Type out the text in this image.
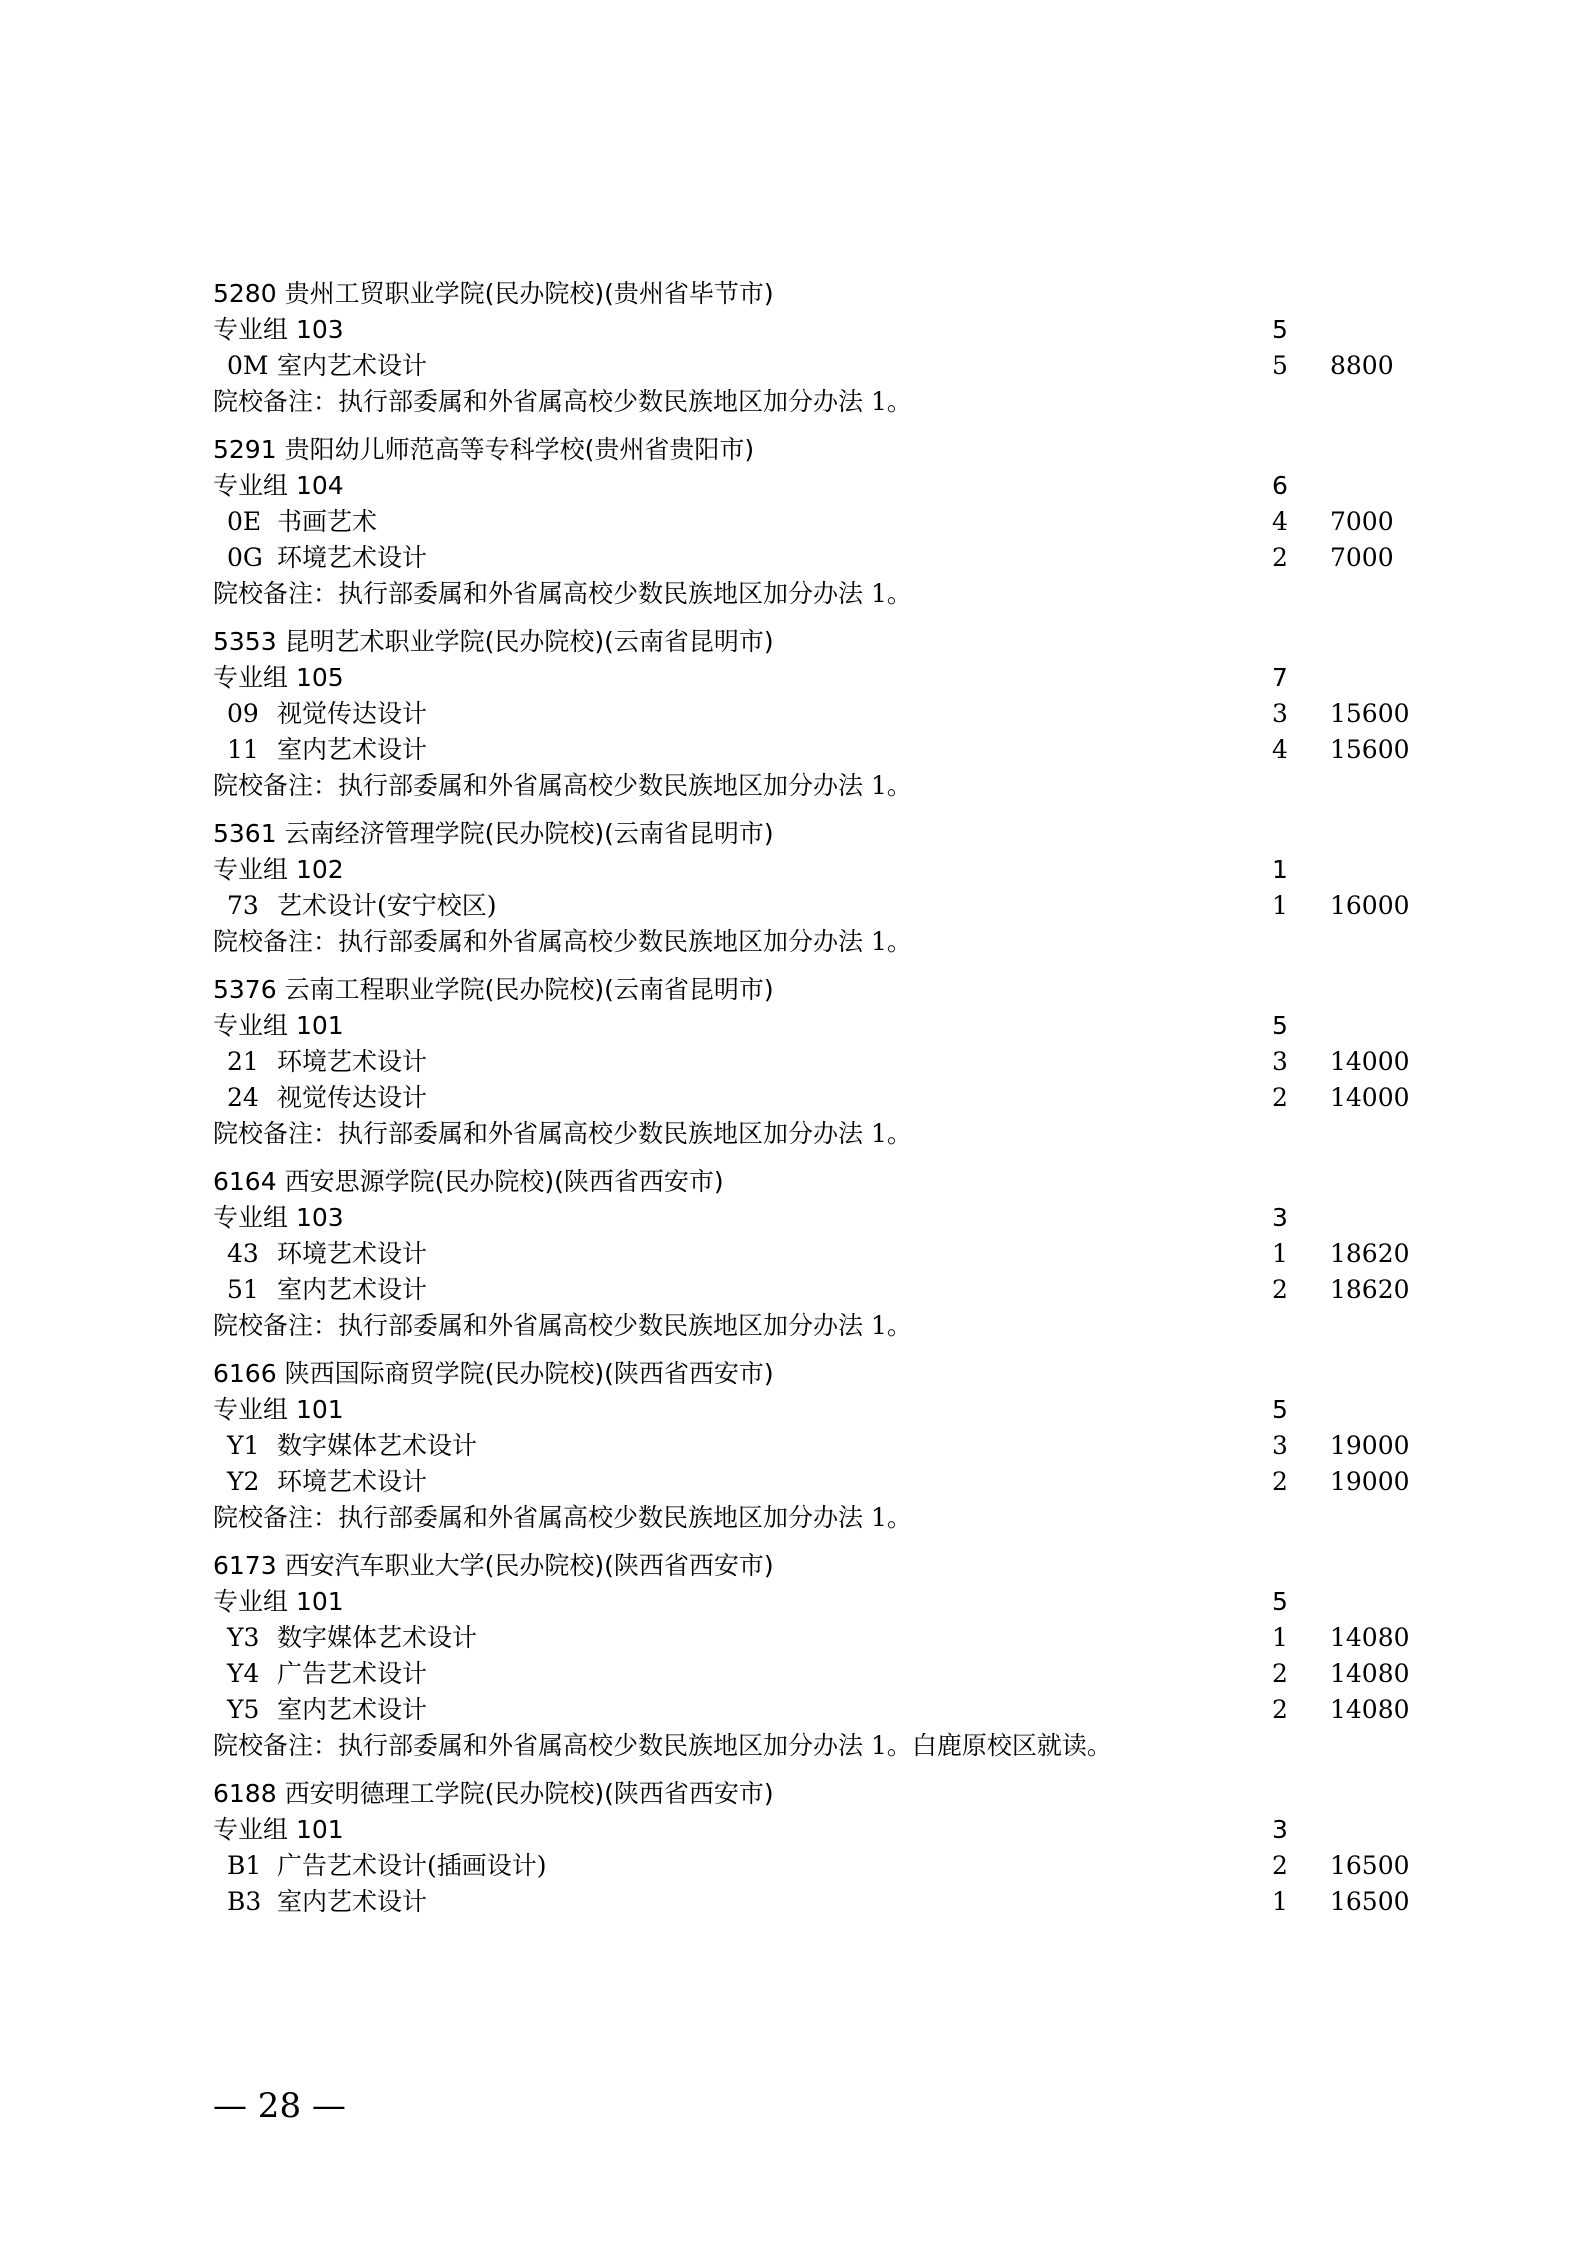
5280 贵州工贸职业学院(民办院校)(贵州省毕节市)
专业组 103	5
0M 室内艺术设计	5 8800
院校备注：执行部委属和外省属高校少数民族地区加分办法 1。
5291 贵阳幼儿师范高等专科学校(贵州省贵阳市)
专业组 104	6
0E 书画艺术	4 7000
0G 环境艺术设计	2 7000
院校备注：执行部委属和外省属高校少数民族地区加分办法 1。
5353 昆明艺术职业学院(民办院校)(云南省昆明市)
专业组 105	7
09 视觉传达设计	3 15600
11 室内艺术设计	4 15600
院校备注：执行部委属和外省属高校少数民族地区加分办法 1。
5361 云南经济管理学院(民办院校)(云南省昆明市)
专业组 102	1
73 艺术设计(安宁校区)	1 16000
院校备注：执行部委属和外省属高校少数民族地区加分办法 1。
5376 云南工程职业学院(民办院校)(云南省昆明市)
专业组 101	5
21 环境艺术设计	3 14000
24 视觉传达设计	2 14000
院校备注：执行部委属和外省属高校少数民族地区加分办法 1。
6164 西安思源学院(民办院校)(陕西省西安市)
专业组 103	3
43 环境艺术设计	1 18620
51 室内艺术设计	2 18620
院校备注：执行部委属和外省属高校少数民族地区加分办法 1。
6166 陕西国际商贸学院(民办院校)(陕西省西安市)
专业组 101	5
Y1 数字媒体艺术设计	3 19000
Y2 环境艺术设计	2 19000
院校备注：执行部委属和外省属高校少数民族地区加分办法 1。
6173 西安汽车职业大学(民办院校)(陕西省西安市)
专业组 101	5
Y3 数字媒体艺术设计	1 14080
Y4 广告艺术设计	2 14080
Y5 室内艺术设计	2 14080
院校备注：执行部委属和外省属高校少数民族地区加分办法 1。白鹿原校区就读。
6188 西安明德理工学院(民办院校)(陕西省西安市)
专业组 101	3
B1 广告艺术设计(插画设计)	2 16500
B3 室内艺术设计	1 16500
— 28 —
